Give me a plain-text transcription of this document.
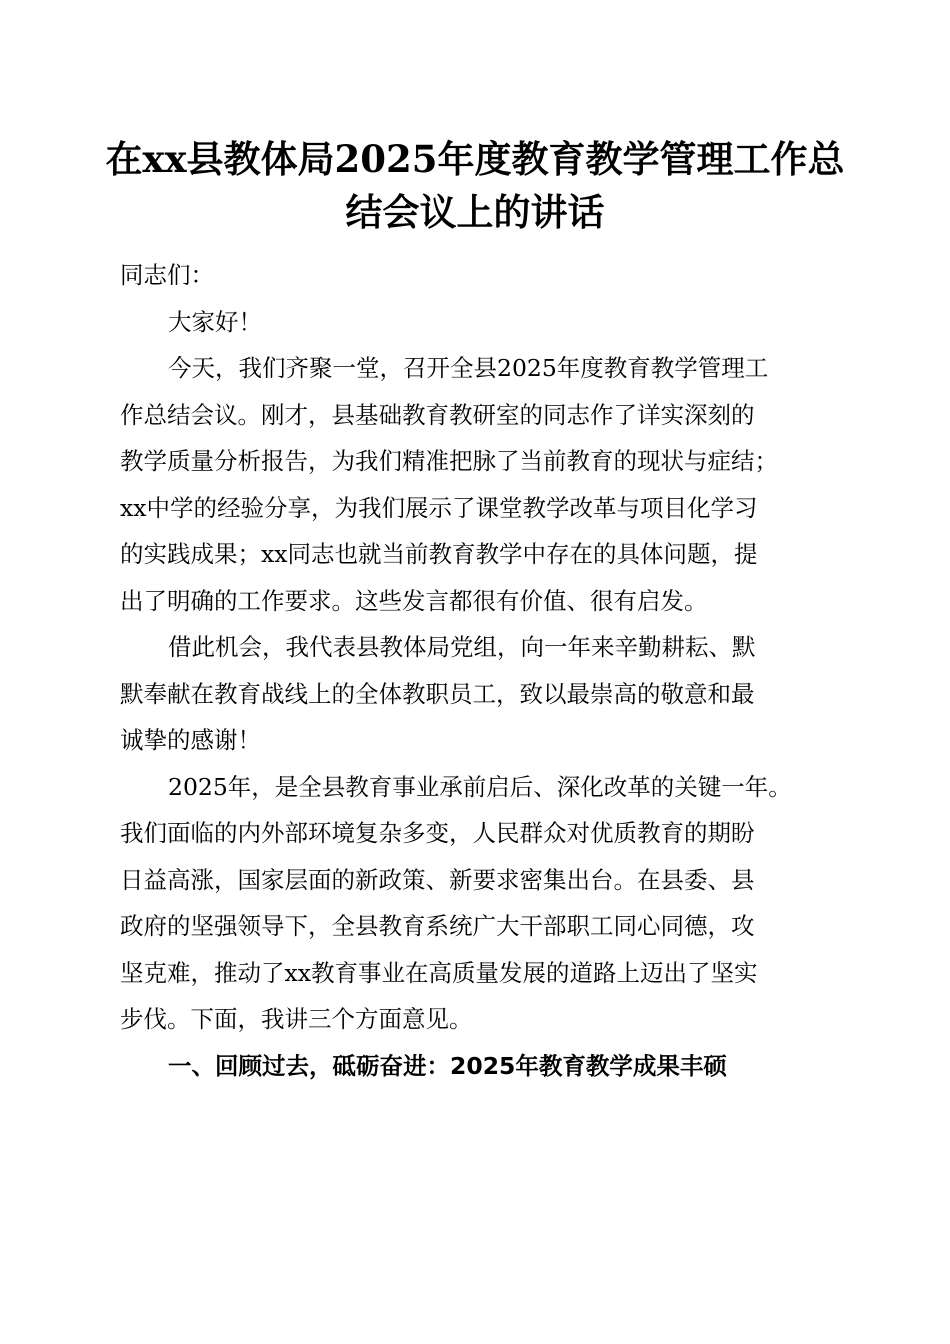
在xx县教体局2025年度教育教学管理工作总
结会议上的讲话
同志们：
大家好！
今天，我们齐聚一堂，召开全县2025年度教育教学管理工
作总结会议。刚才，县基础教育教研室的同志作了详实深刻的
教学质量分析报告，为我们精准把脉了当前教育的现状与症结；
xx中学的经验分享，为我们展示了课堂教学改革与项目化学习
的实践成果；xx同志也就当前教育教学中存在的具体问题，提
出了明确的工作要求。这些发言都很有价值、很有启发。
借此机会，我代表县教体局党组，向一年来辛勤耕耘、默
默奉献在教育战线上的全体教职员工，致以最崇高的敬意和最
诚挚的感谢！
2025年，是全县教育事业承前启后、深化改革的关键一年。
我们面临的内外部环境复杂多变，人民群众对优质教育的期盼
日益高涨，国家层面的新政策、新要求密集出台。在县委、县
政府的坚强领导下，全县教育系统广大干部职工同心同德，攻
坚克难，推动了xx教育事业在高质量发展的道路上迈出了坚实
步伐。下面，我讲三个方面意见。
一、回顾过去，砥砺奋进：2025年教育教学成果丰硕
